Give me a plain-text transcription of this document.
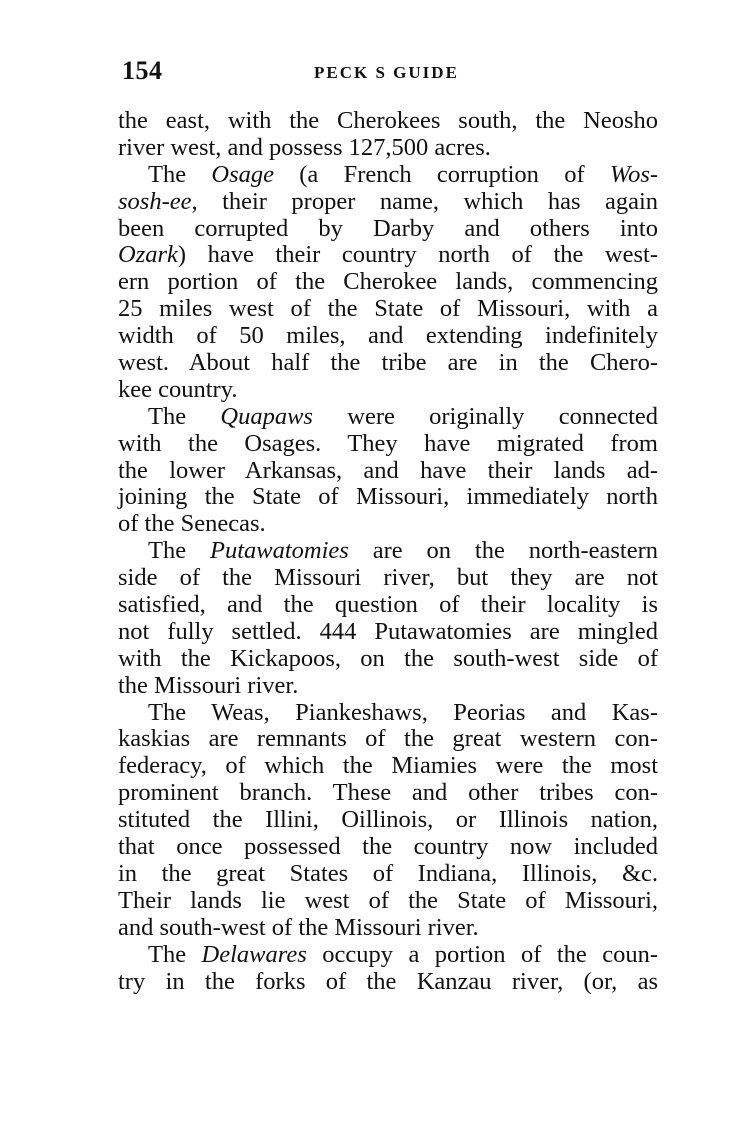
154	PECK S GUIDE
the east, with the Cherokees south, the Neosho
river west, and possess 127,500 acres.
The Osage (a French corruption of Wos-
sosh-ee, their proper name, which has again
been corrupted by Darby and others into
Ozark) have their country north of the west-
ern portion of the Cherokee lands, commencing
25 miles west of the State of Missouri, with a
width of 50 miles, and extending indefinitely
west. About half the tribe are in the Chero-
kee country.
The Quapaws were originally connected
with the Osages. They have migrated from
the lower Arkansas, and have their lands ad-
joining the State of Missouri, immediately north
of the Senecas.
The Putawatomies are on the north-eastern
side of the Missouri river, but they are not
satisfied, and the question of their locality is
not fully settled. 444 Putawatomies are mingled
with the Kickapoos, on the south-west side of
the Missouri river.
The Weas, Piankeshaws, Peorias and Kas-
kaskias are remnants of the great western con-
federacy, of which the Miamies were the most
prominent branch. These and other tribes con-
stituted the Illini, Oillinois, or Illinois nation,
that once possessed the country now included
in the great States of Indiana, Illinois, &c.
Their lands lie west of the State of Missouri,
and south-west of the Missouri river.
The Delawares occupy a portion of the coun-
try in the forks of the Kanzau river, (or, as
